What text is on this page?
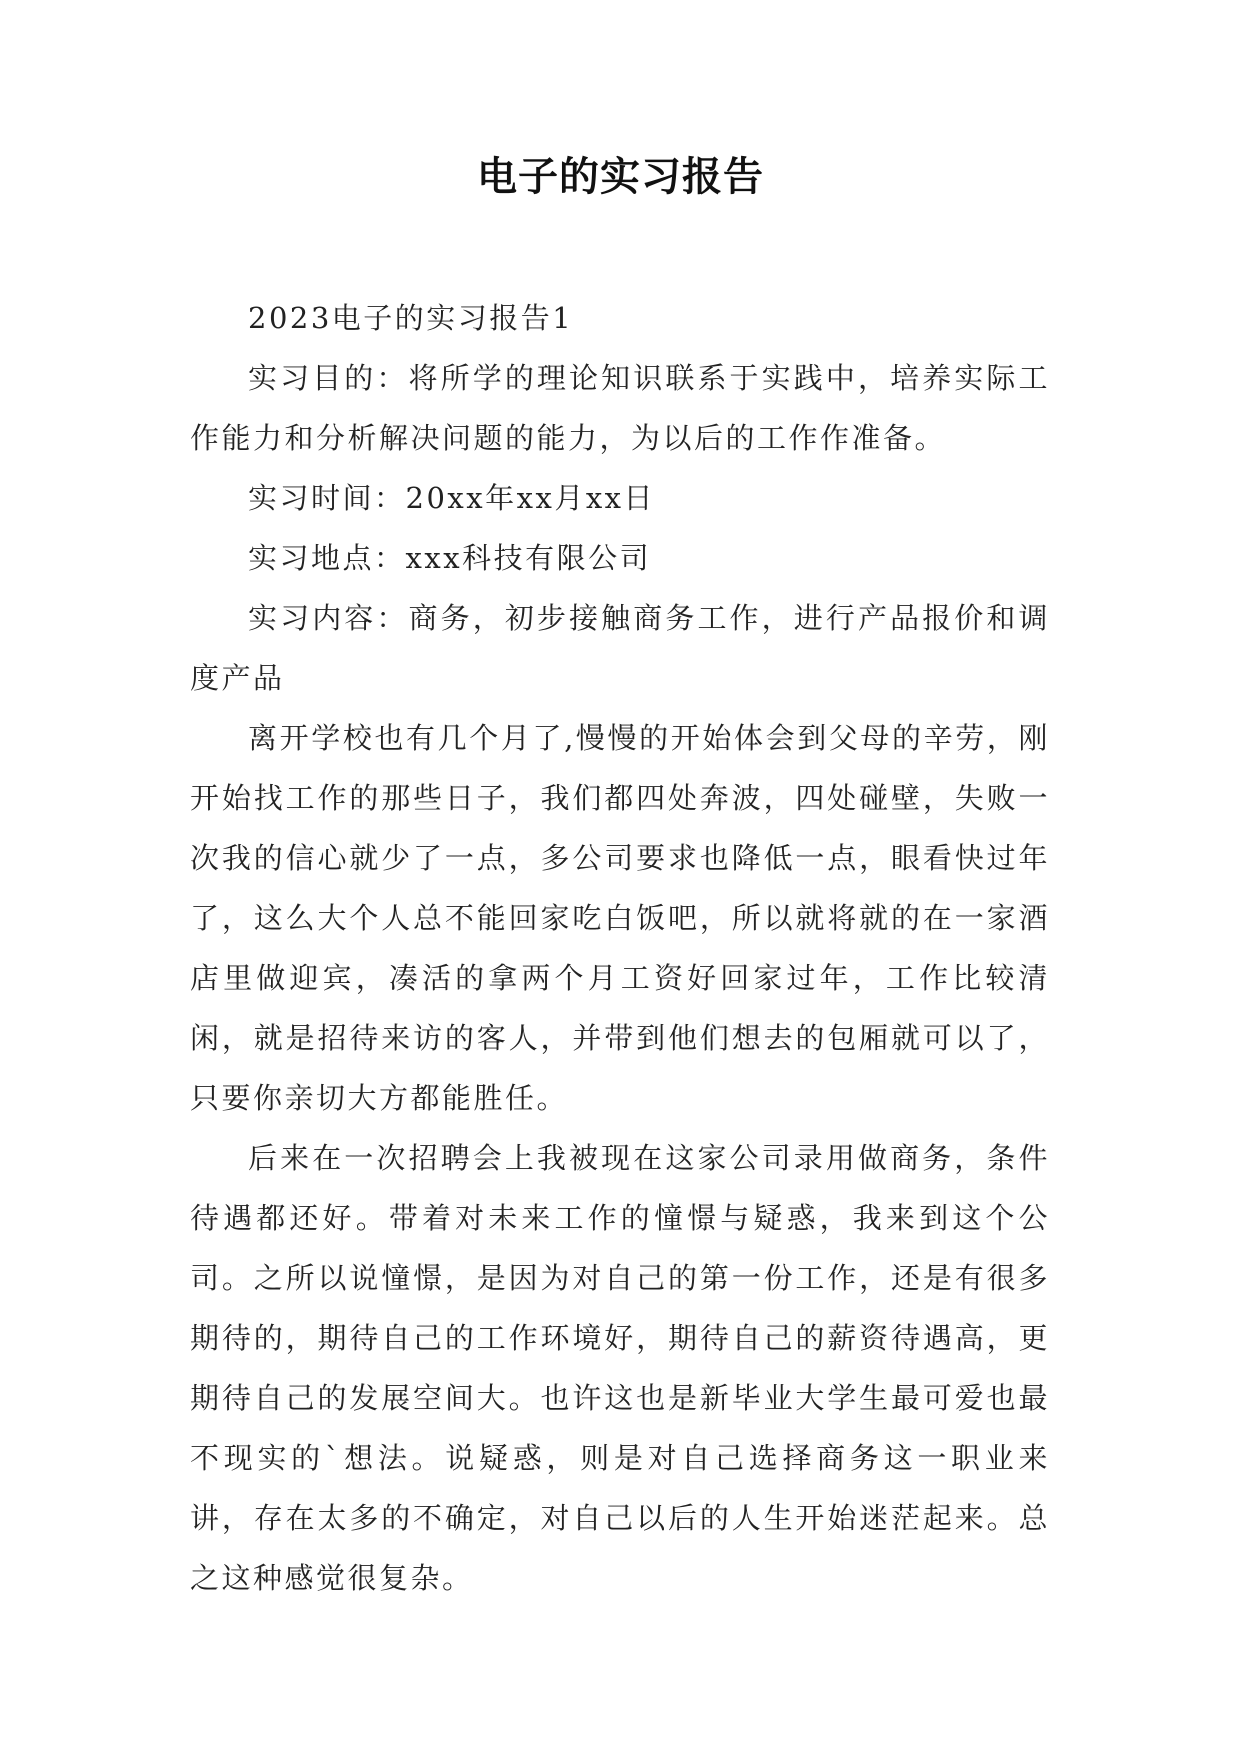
电子的实习报告

2023电子的实习报告1

实习目的：将所学的理论知识联系于实践中，培养实际工作能力和分析解决问题的能力，为以后的工作作准备。

实习时间：20xx年xx月xx日

实习地点：xxx科技有限公司

实习内容：商务，初步接触商务工作，进行产品报价和调度产品

离开学校也有几个月了,慢慢的开始体会到父母的辛劳，刚开始找工作的那些日子，我们都四处奔波，四处碰壁，失败一次我的信心就少了一点，多公司要求也降低一点，眼看快过年了，这么大个人总不能回家吃白饭吧，所以就将就的在一家酒店里做迎宾，凑活的拿两个月工资好回家过年，工作比较清闲，就是招待来访的客人，并带到他们想去的包厢就可以了，只要你亲切大方都能胜任。

后来在一次招聘会上我被现在这家公司录用做商务，条件待遇都还好。带着对未来工作的憧憬与疑惑，我来到这个公司。之所以说憧憬，是因为对自己的第一份工作，还是有很多期待的，期待自己的工作环境好，期待自己的薪资待遇高，更期待自己的发展空间大。也许这也是新毕业大学生最可爱也最不现实的`想法。说疑惑，则是对自己选择商务这一职业来讲，存在太多的不确定，对自己以后的人生开始迷茫起来。总之这种感觉很复杂。
